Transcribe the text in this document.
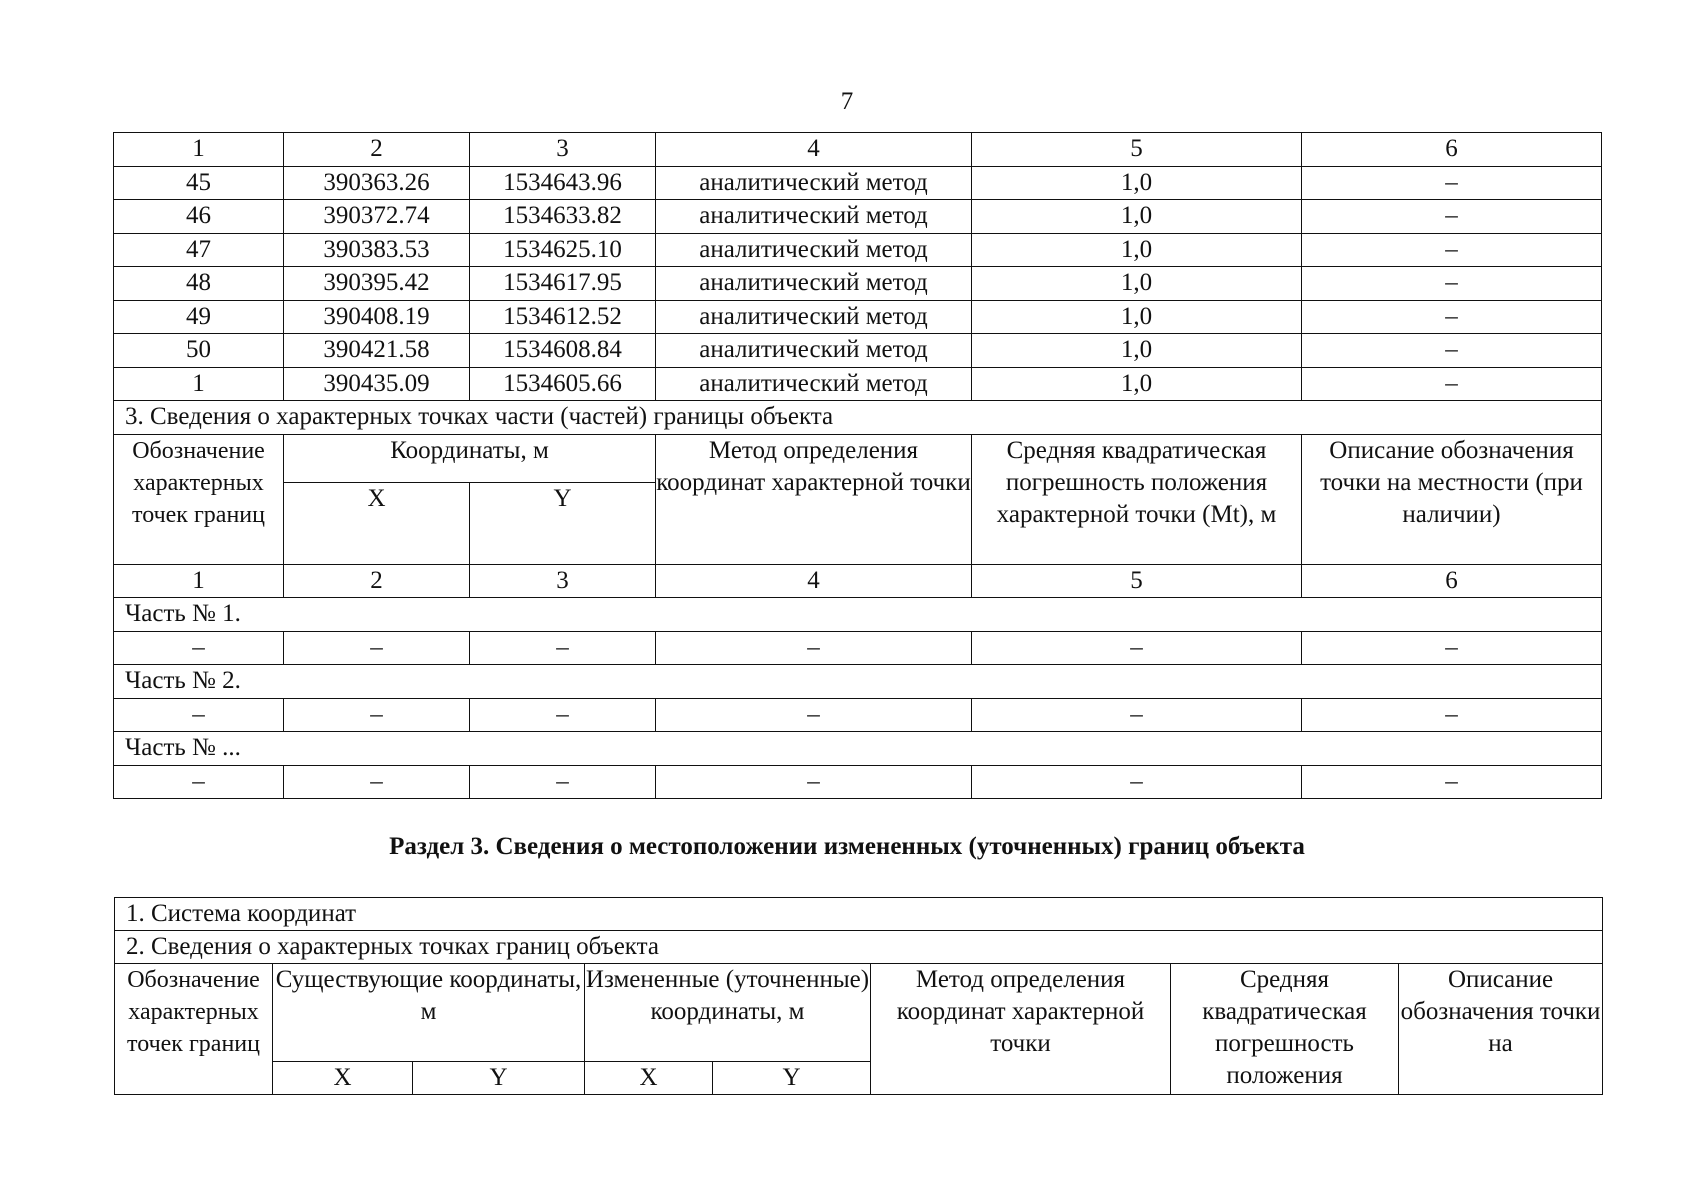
7
1	2	3	4	5	6
45	390363.26	1534643.96	аналитический метод	1,0	–
46	390372.74	1534633.82	аналитический метод	1,0	–
47	390383.53	1534625.10	аналитический метод	1,0	–
48	390395.42	1534617.95	аналитический метод	1,0	–
49	390408.19	1534612.52	аналитический метод	1,0	–
50	390421.58	1534608.84	аналитический метод	1,0	–
1	390435.09	1534605.66	аналитический метод	1,0	–
3. Сведения о характерных точках части (частей) границы объекта					
Обозначение характерных точек границ	Координаты, м		Метод определения координат характерной точки	Средняя квадратическая погрешность положения характерной точки (Mt), м	Описание обозначения точки на местности (при наличии)
	X	Y			
1	2	3	4	5	6
Часть № 1.					
–	–	–	–	–	–
Часть № 2.					
–	–	–	–	–	–
Часть № ...					
–	–	–	–	–	–
Раздел 3. Сведения о местоположении измененных (уточненных) границ объекта
1. Система координат							
2. Сведения о характерных точках границ объекта							
Обозначение характерных точек границ	Существующие координаты, м		Измененные (уточненные) координаты, м		Метод определения координат характерной точки	Средняя квадратическая погрешность положения	Описание обозначения точки на
	X	Y	X	Y			
